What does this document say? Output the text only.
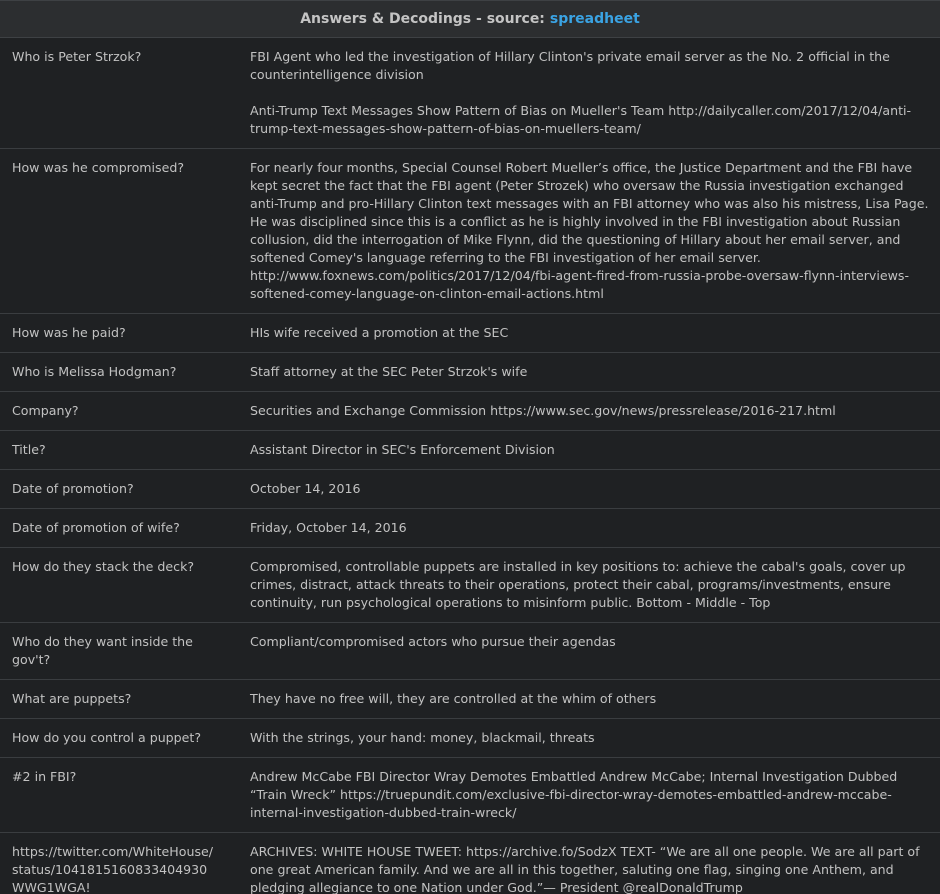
Answers & Decodings - source: spreadheet
Who is Peter Strzok?	FBI Agent who led the investigation of Hillary Clinton's private email server as the No. 2 official in the counterintelligence division
Anti-Trump Text Messages Show Pattern of Bias on Mueller's Team http://dailycaller.com/2017/12/04/anti-trump-text-messages-show-pattern-of-bias-on-muellers-team/

How was he compromised?	For nearly four months, Special Counsel Robert Mueller’s office, the Justice Department and the FBI have kept secret the fact that the FBI agent (Peter Strozek) who oversaw the Russia investigation exchanged anti-Trump and pro-Hillary Clinton text messages with an FBI attorney who was also his mistress, Lisa Page. He was disciplined since this is a conflict as he is highly involved in the FBI investigation about Russian collusion, did the interrogation of Mike Flynn, did the questioning of Hillary about her email server, and softened Comey's language referring to the FBI investigation of her email server. http://www.foxnews.com/politics/2017/12/04/fbi-agent-fired-from-russia-probe-oversaw-flynn-interviews-softened-comey-language-on-clinton-email-actions.html

How was he paid?	HIs wife received a promotion at the SEC

Who is Melissa Hodgman?	Staff attorney at the SEC Peter Strzok's wife

Company?	Securities and Exchange Commission https://www.sec.gov/news/pressrelease/2016-217.html

Title?	Assistant Director in SEC's Enforcement Division

Date of promotion?	October 14, 2016

Date of promotion of wife?	Friday, October 14, 2016

How do they stack the deck?	Compromised, controllable puppets are installed in key positions to: achieve the cabal's goals, cover up crimes, distract, attack threats to their operations, protect their cabal, programs/investments, ensure continuity, run psychological operations to misinform public. Bottom - Middle - Top

Who do they want inside the gov't?	Compliant/compromised actors who pursue their agendas

What are puppets?	They have no free will, they are controlled at the whim of others

How do you control a puppet?	With the strings, your hand: money, blackmail, threats

#2 in FBI?	Andrew McCabe FBI Director Wray Demotes Embattled Andrew McCabe; Internal Investigation Dubbed “Train Wreck” https://truepundit.com/exclusive-fbi-director-wray-demotes-embattled-andrew-mccabe-internal-investigation-dubbed-train-wreck/

https://twitter.com/WhiteHouse/ status/1041815160833404930 WWG1WGA!	ARCHIVES: WHITE HOUSE TWEET: https://archive.fo/SodzX TEXT- “We are all one people. We are all part of one great American family. And we are all in this together, saluting one flag, singing one Anthem, and pledging allegiance to one Nation under God.”— President @realDonaldTrump
